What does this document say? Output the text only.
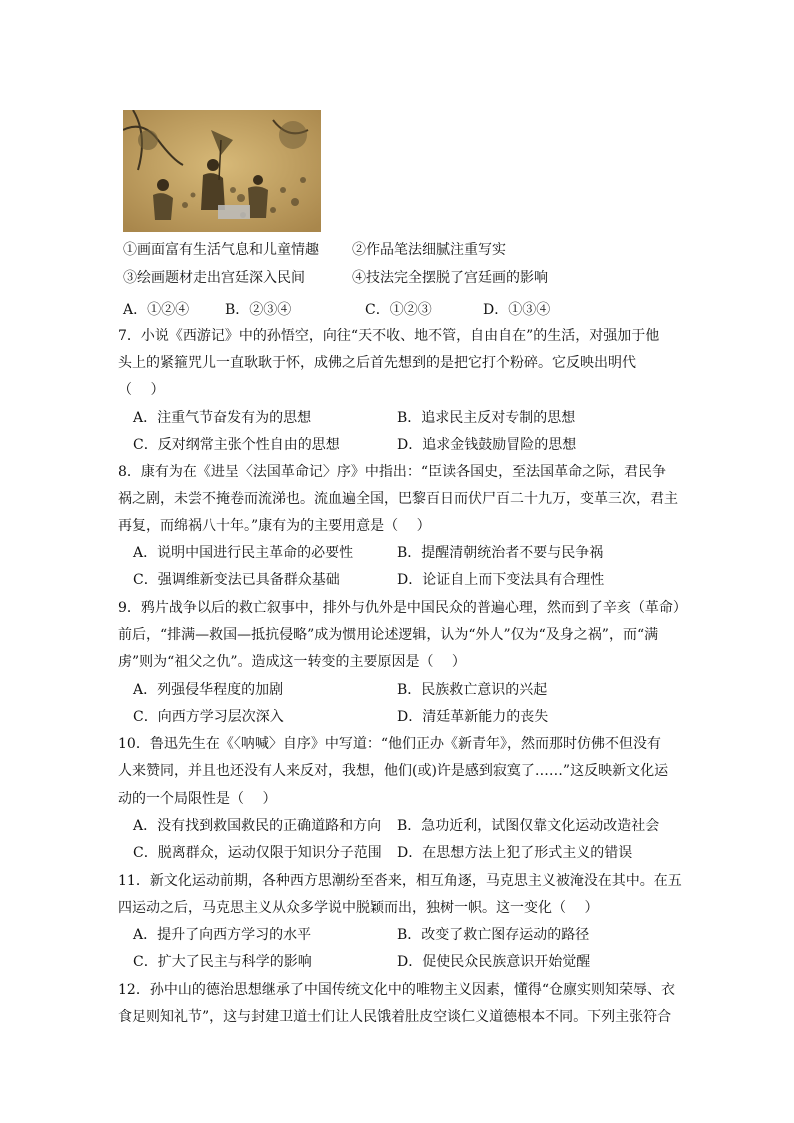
①画面富有生活气息和儿童情趣 ②作品笔法细腻注重写实
③绘画题材走出宫廷深入民间	④技法完全摆脱了宫廷画的影响
A．①②④	B．②③④	C．①②③	D．①③④
7．小说《西游记》中的孙悟空，向往“天不收、地不管，自由自在”的生活，对强加于他
头上的紧箍咒儿一直耿耿于怀，成佛之后首先想到的是把它打个粉碎。它反映出明代
（　 ）
A．注重气节奋发有为的思想	B．追求民主反对专制的思想
C．反对纲常主张个性自由的思想	D．追求金钱鼓励冒险的思想
8．康有为在《进呈〈法国革命记〉序》中指出：“臣读各国史，至法国革命之际，君民争
祸之剧，未尝不掩卷而流涕也。流血遍全国，巴黎百日而伏尸百二十九万，变革三次，君主
再复，而绵祸八十年。”康有为的主要用意是（　 ）
A．说明中国进行民主革命的必要性	B．提醒清朝统治者不要与民争祸
C．强调维新变法已具备群众基础	D．论证自上而下变法具有合理性
9．鸦片战争以后的救亡叙事中，排外与仇外是中国民众的普遍心理，然而到了辛亥（革命）
前后，“排满—救国—抵抗侵略”成为惯用论述逻辑，认为“外人”仅为“及身之祸”，而“满
虏”则为“祖父之仇”。造成这一转变的主要原因是（　 ）
A．列强侵华程度的加剧	B．民族救亡意识的兴起
C．向西方学习层次深入	D．清廷革新能力的丧失
10．鲁迅先生在《〈呐喊〉自序》中写道：“他们正办《新青年》，然而那时仿佛不但没有
人来赞同，并且也还没有人来反对，我想，他们(或)许是感到寂寞了……”这反映新文化运
动的一个局限性是（　 ）
A．没有找到救国救民的正确道路和方向 B．急功近利，试图仅靠文化运动改造社会
C．脱离群众，运动仅限于知识分子范围 D．在思想方法上犯了形式主义的错误
11．新文化运动前期，各种西方思潮纷至沓来，相互角逐，马克思主义被淹没在其中。在五
四运动之后，马克思主义从众多学说中脱颖而出，独树一帜。这一变化（　 ）
A．提升了向西方学习的水平	B．改变了救亡图存运动的路径
C．扩大了民主与科学的影响	D．促使民众民族意识开始觉醒
12．孙中山的德治思想继承了中国传统文化中的唯物主义因素，懂得“仓廪实则知荣辱、衣
食足则知礼节”，这与封建卫道士们让人民饿着肚皮空谈仁义道德根本不同。下列主张符合
